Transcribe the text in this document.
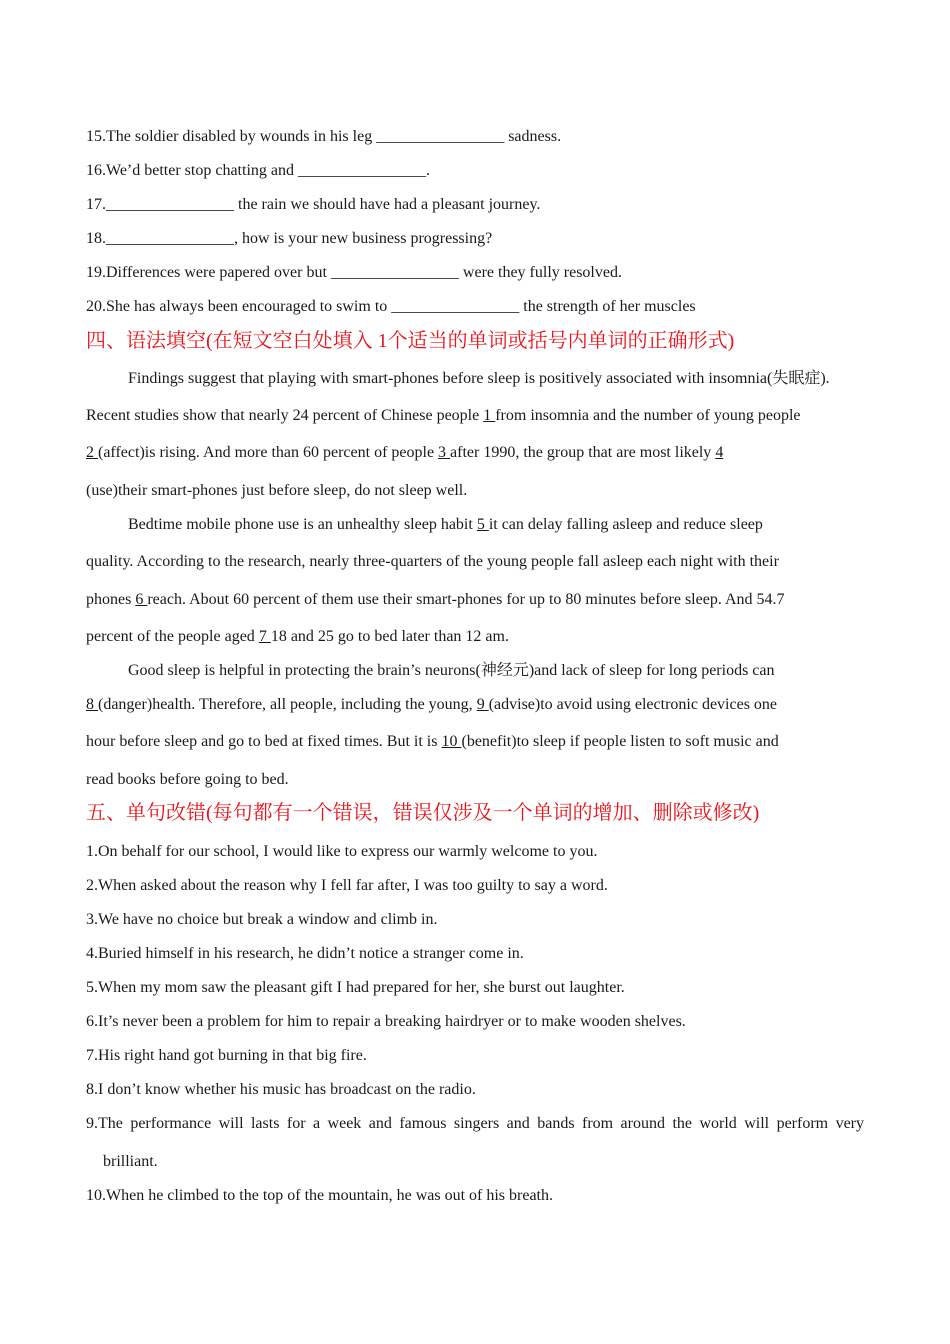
15.The soldier disabled by wounds in his leg ________________ sadness.
16.We’d better stop chatting and ________________.
17.________________ the rain we should have had a pleasant journey.
18.________________, how is your new business progressing?
19.Differences were papered over but ________________ were they fully resolved.
20.She has always been encouraged to swim to ________________ the strength of her muscles
四、语法填空(在短文空白处填入 1个适当的单词或括号内单词的正确形式)
Findings suggest that playing with smart-phones before sleep is positively associated with insomnia(失眠症).
Recent studies show that nearly 24 percent of Chinese people 1 from insomnia and the number of young people
2 (affect)is rising. And more than 60 percent of people 3 after 1990, the group that are most likely 4
(use)their smart-phones just before sleep, do not sleep well.
Bedtime mobile phone use is an unhealthy sleep habit 5 it can delay falling asleep and reduce sleep
quality. According to the research, nearly three-quarters of the young people fall asleep each night with their
phones 6 reach. About 60 percent of them use their smart-phones for up to 80 minutes before sleep. And 54.7
percent of the people aged 7 18 and 25 go to bed later than 12 am.
Good sleep is helpful in protecting the brain’s neurons(神经元)and lack of sleep for long periods can
8 (danger)health. Therefore, all people, including the young, 9 (advise)to avoid using electronic devices one
hour before sleep and go to bed at fixed times. But it is 10 (benefit)to sleep if people listen to soft music and
read books before going to bed.
五、单句改错(每句都有一个错误，错误仅涉及一个单词的增加、删除或修改)
1.On behalf for our school, I would like to express our warmly welcome to you.
2.When asked about the reason why I fell far after, I was too guilty to say a word.
3.We have no choice but break a window and climb in.
4.Buried himself in his research, he didn’t notice a stranger come in.
5.When my mom saw the pleasant gift I had prepared for her, she burst out laughter.
6.It’s never been a problem for him to repair a breaking hairdryer or to make wooden shelves.
7.His right hand got burning in that big fire.
8.I don’t know whether his music has broadcast on the radio.
9.The performance will lasts for a week and famous singers and bands from around the world will perform very
brilliant.
10.When he climbed to the top of the mountain, he was out of his breath.
